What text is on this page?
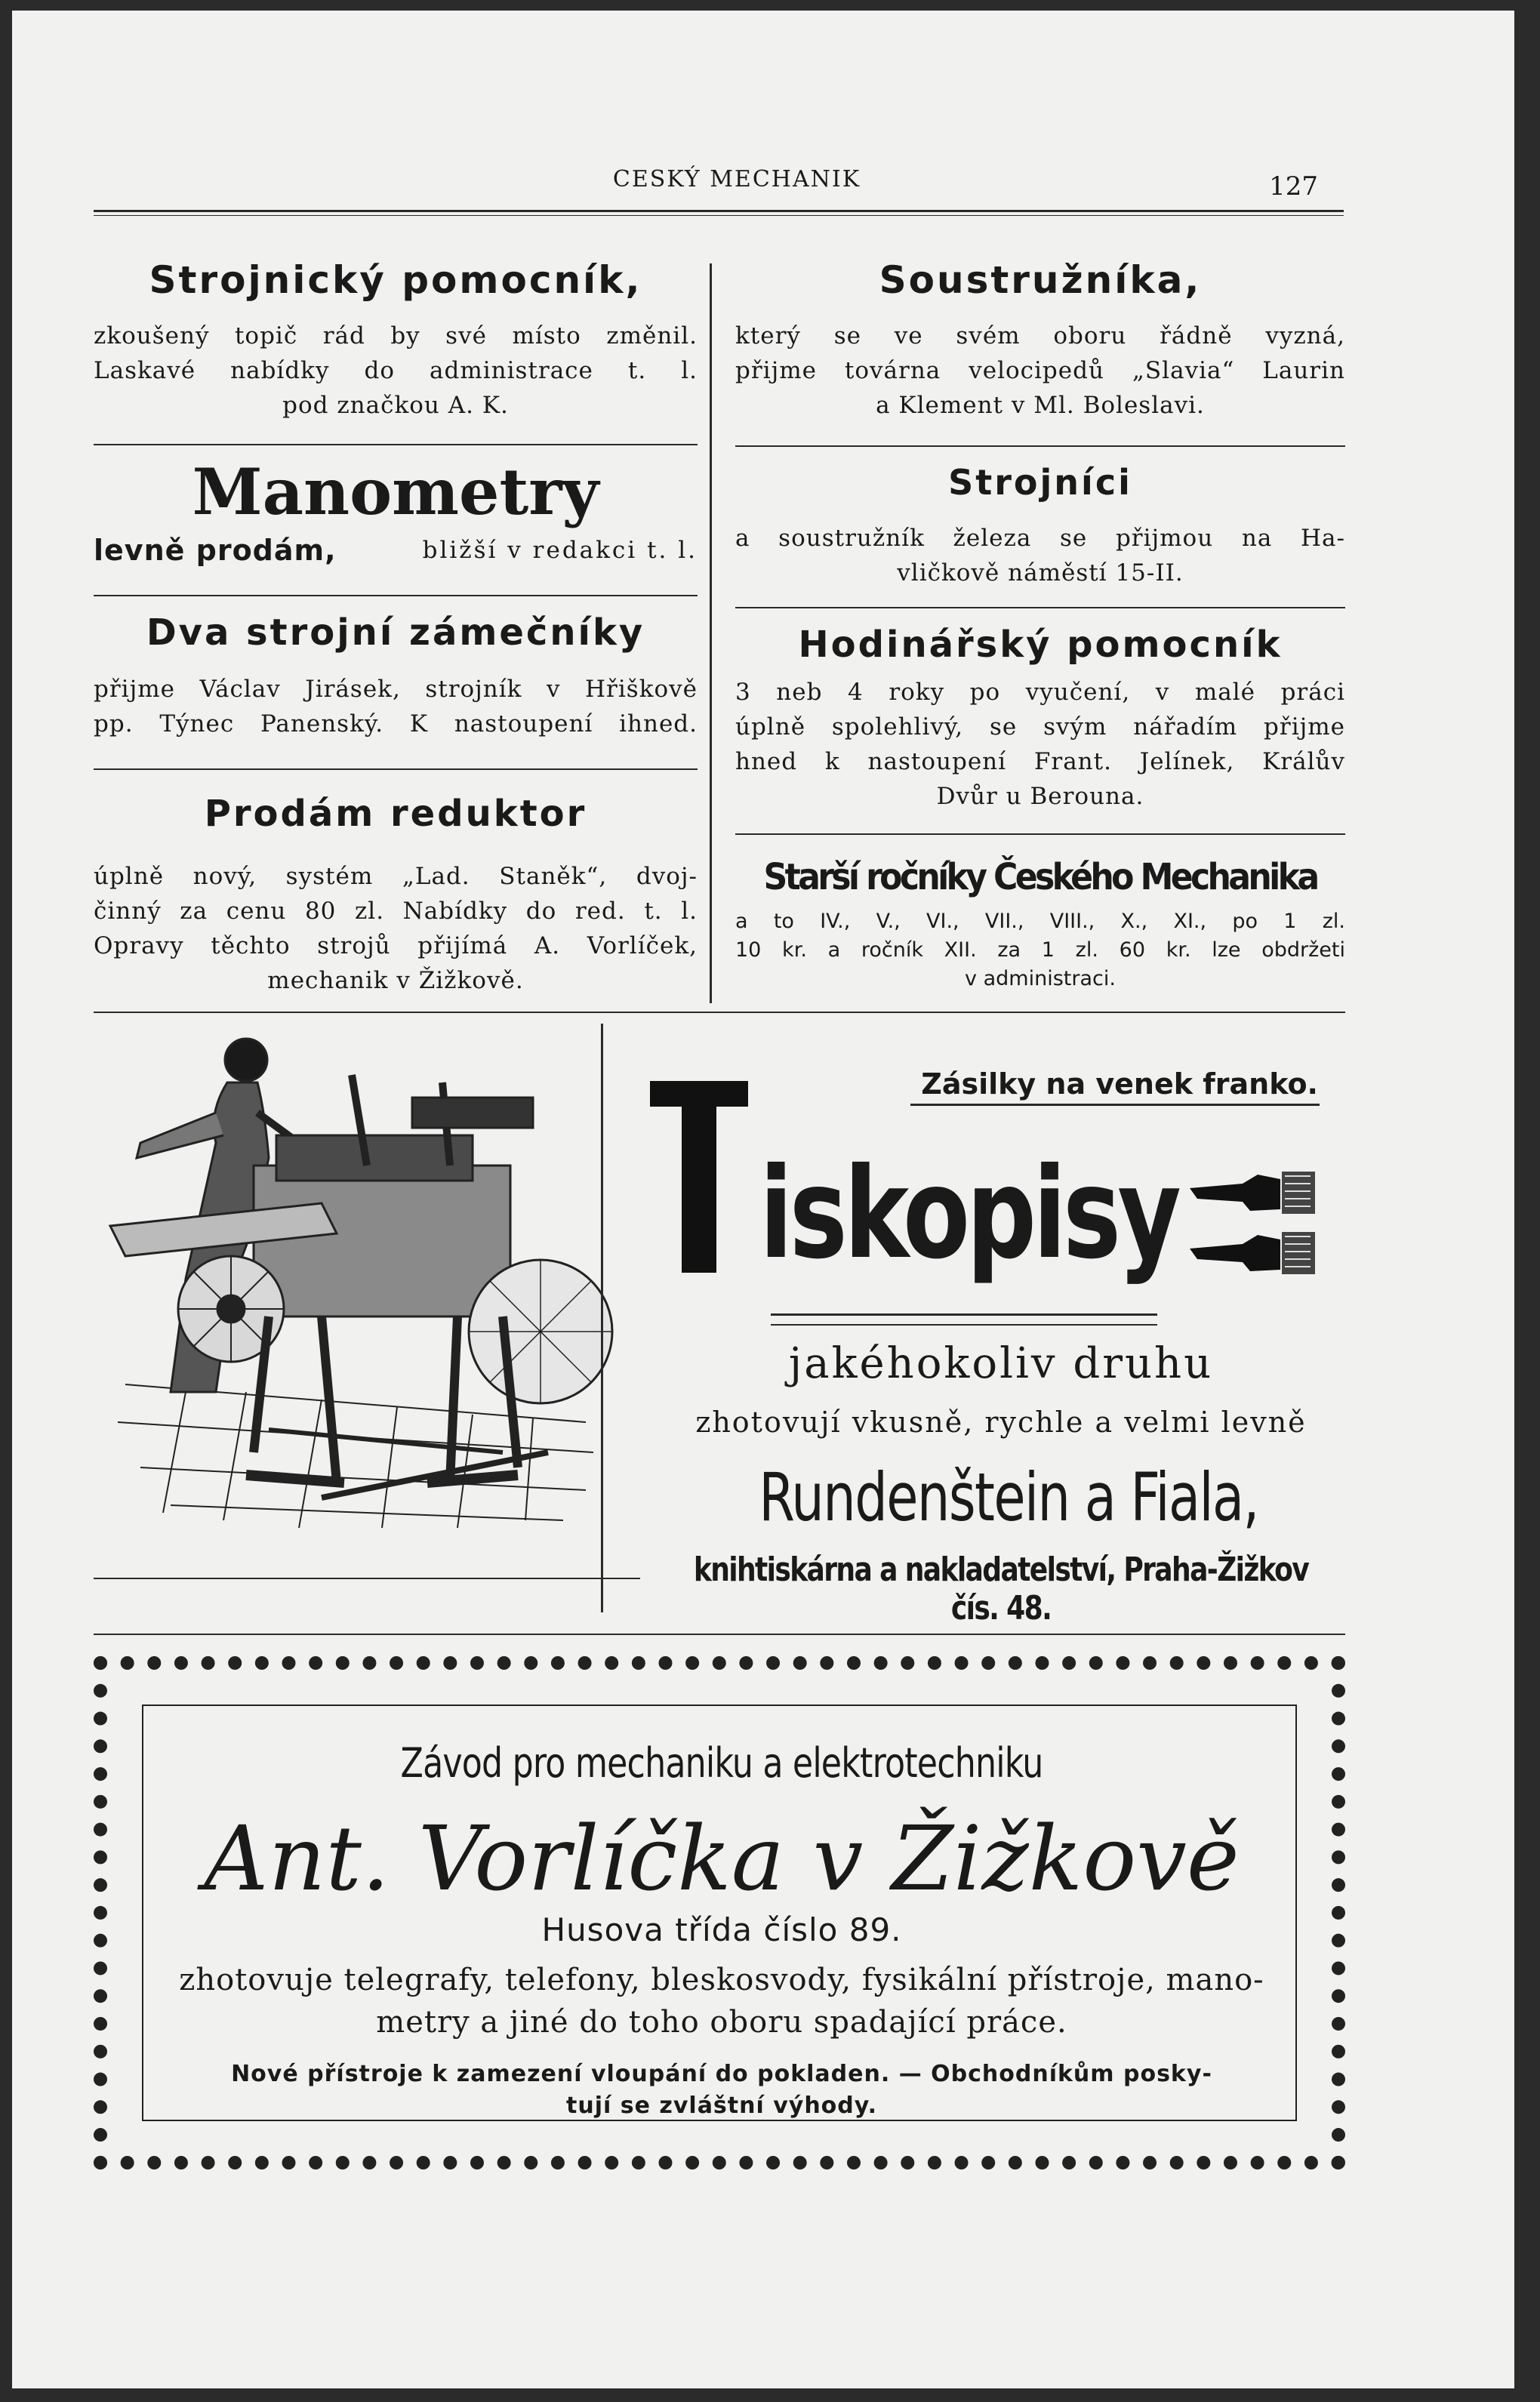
CESKÝ MECHANIK	127
Strojnický pomocník,
zkoušený topič rád by své místo změnil.
Laskavé nabídky do administrace t. l.
pod značkou A. K.
Manometry
levně prodám,	bližší v redakci t. l.
Dva strojní zámečníky
přijme Václav Jirásek, strojník v Hřiškově
pp. Týnec Panenský. K nastoupení ihned.
Prodám reduktor
úplně nový, systém „Lad. Staněk“, dvoj-
činný za cenu 80 zl. Nabídky do red. t. l.
Opravy těchto strojů přijímá A. Vorlíček,
mechanik v Žižkově.
Soustružníka,
který se ve svém oboru řádně vyzná,
přijme továrna velocipedů „Slavia“ Laurin
a Klement v Ml. Boleslavi.
Strojníci
a soustružník železa se přijmou na Ha-
vličkově náměstí 15-II.
Hodinářský pomocník
3 neb 4 roky po vyučení, v malé práci
úplně spolehlivý, se svým nářadím přijme
hned k nastoupení Frant. Jelínek, Králův
Dvůr u Berouna.
Starší ročníky Českého Mechanika
a to IV., V., VI., VII., VIII., X., XI., po 1 zl.
10 kr. a ročník XII. za 1 zl. 60 kr. lze obdržeti
v administraci.
Zásilky na venek franko.
iskopisy
jakéhokoliv druhu
zhotovují vkusně, rychle a velmi levně
Rundenštein a Fiala,
knihtiskárna a nakladatelství, Praha-Žižkov čís. 48.
Závod pro mechaniku a elektrotechniku
Ant. Vorlíčka v Žižkově
Husova třída číslo 89.
zhotovuje telegrafy, telefony, bleskosvody, fysikální přístroje, mano-
metry a jiné do toho oboru spadající práce.
Nové přístroje k zamezení vloupání do pokladen. — Obchodníkům posky-
tují se zvláštní výhody.
